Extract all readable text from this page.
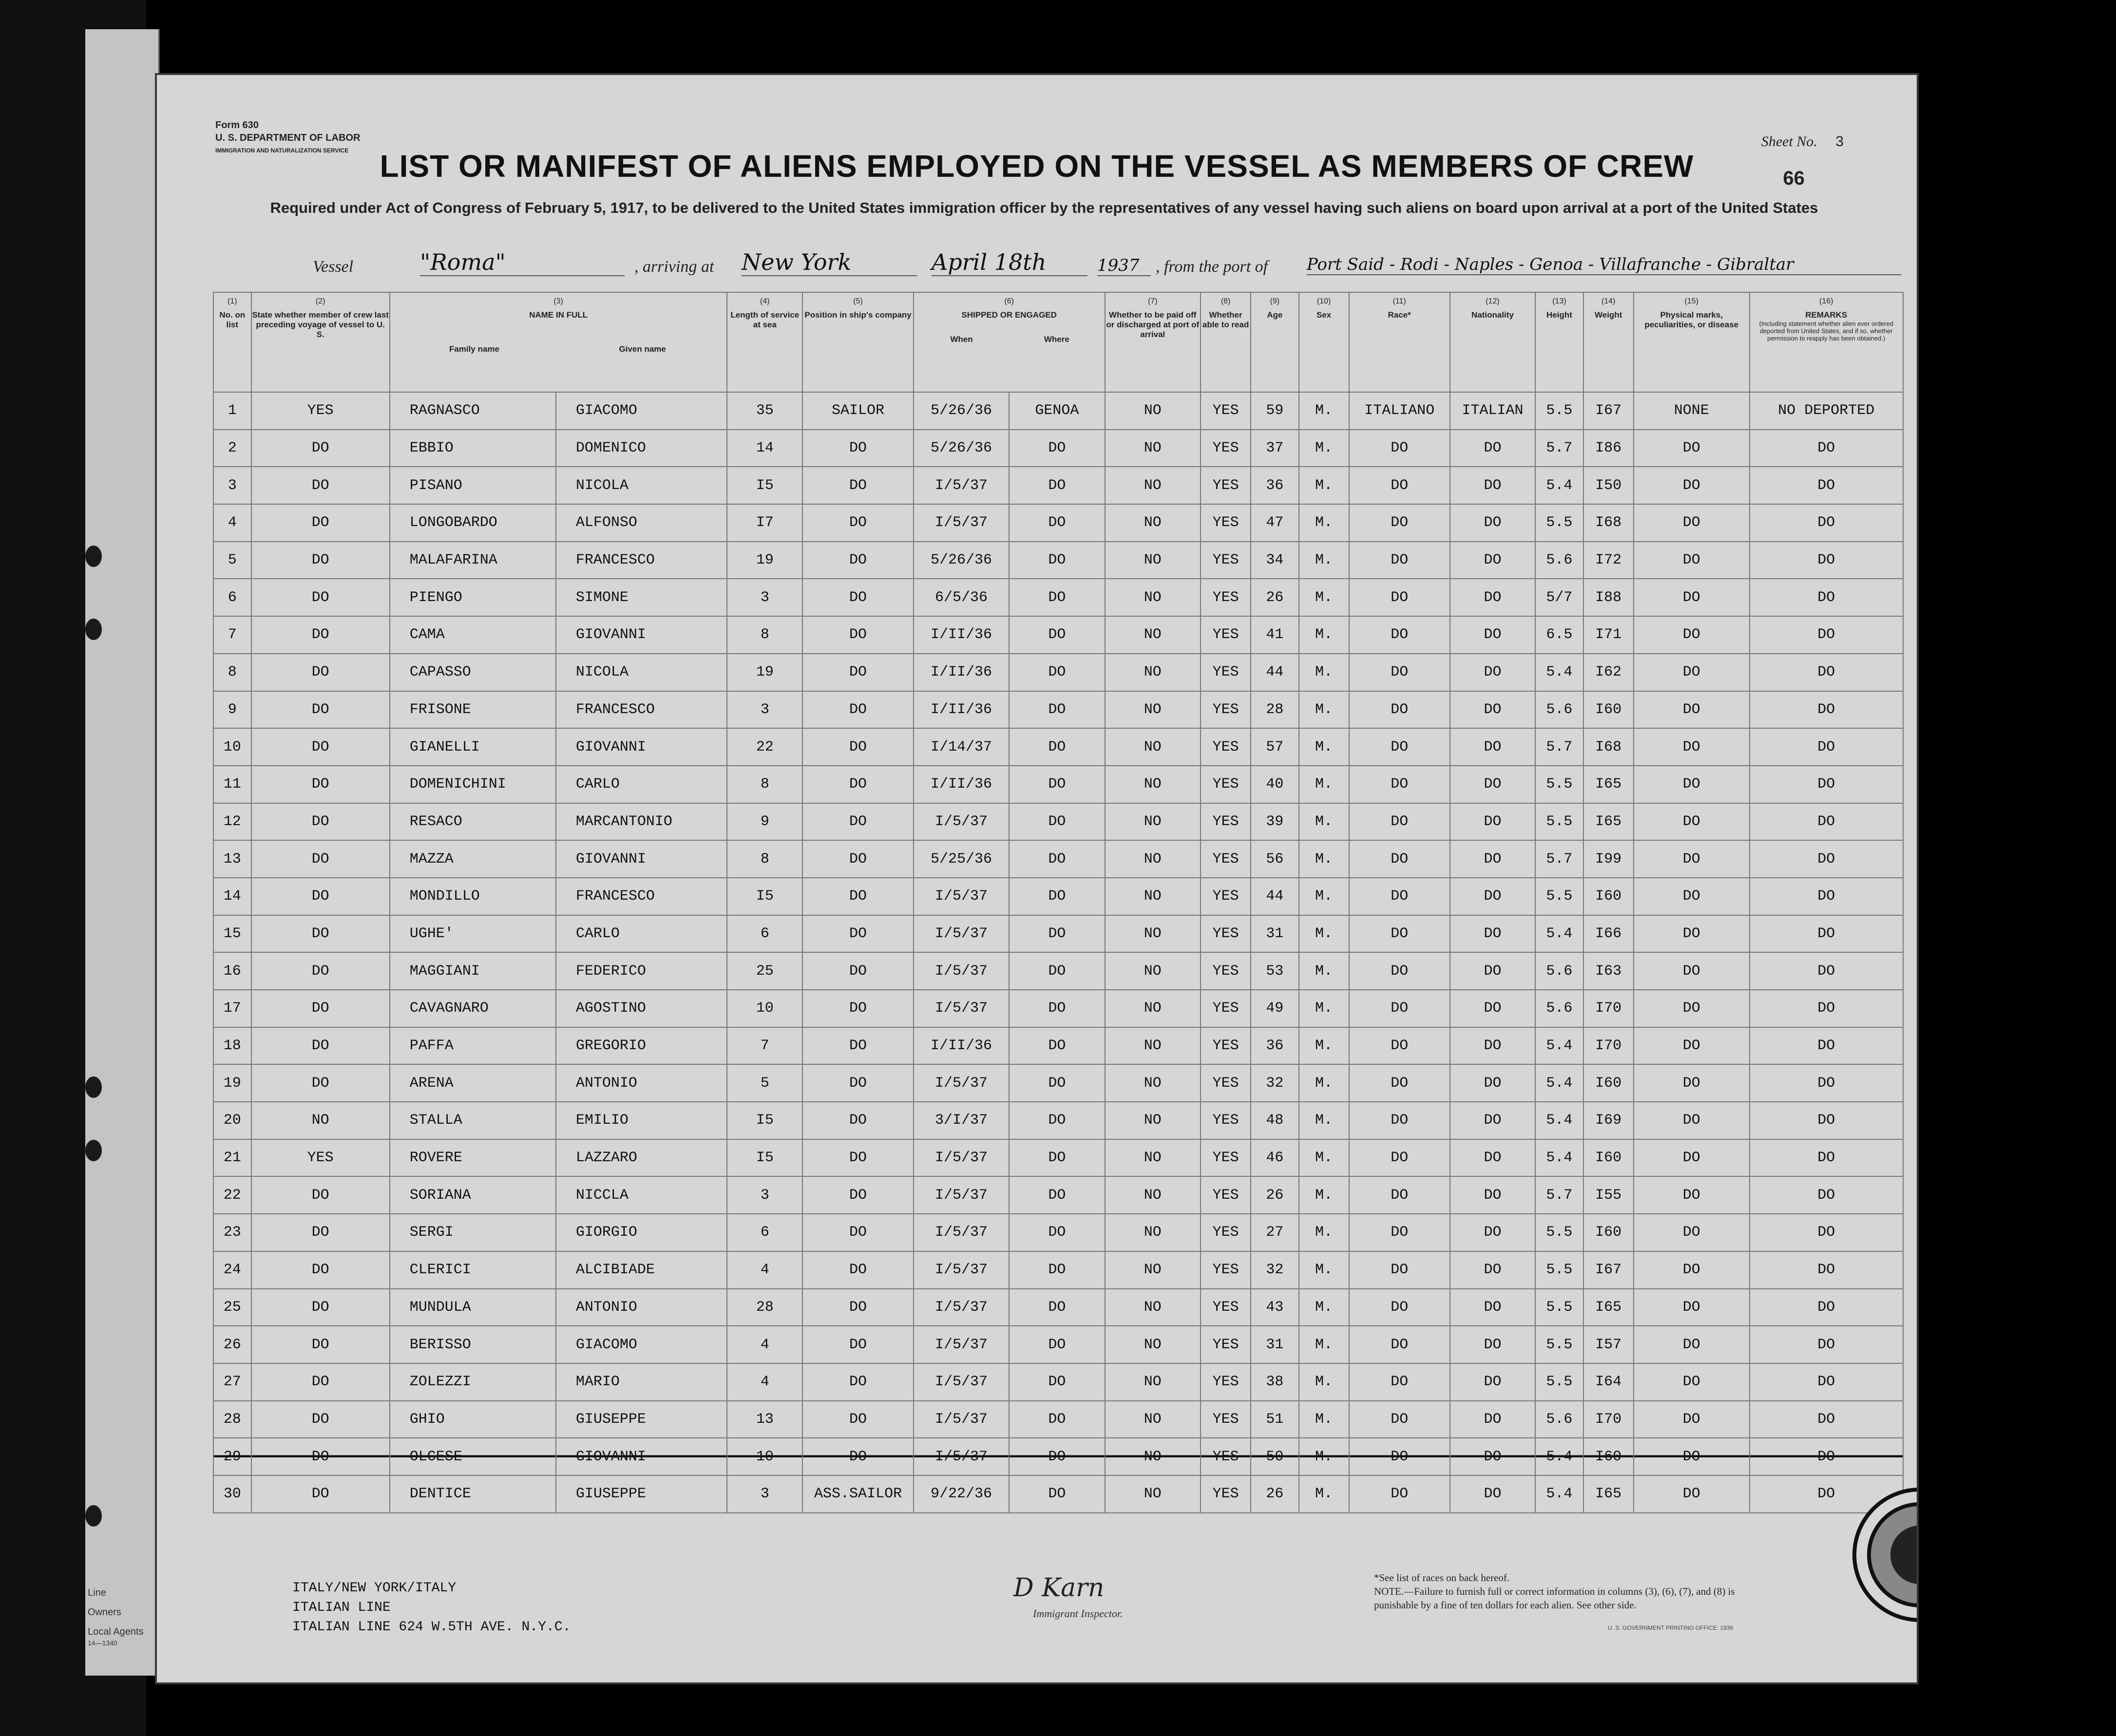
Form 630
U. S. DEPARTMENT OF LABOR
IMMIGRATION AND NATURALIZATION SERVICE
Sheet No. 3
66
LIST OR MANIFEST OF ALIENS EMPLOYED ON THE VESSEL AS MEMBERS OF CREW
Required under Act of Congress of February 5, 1917, to be delivered to the United States immigration officer by the representatives of any vessel having such aliens on board upon arrival at a port of the United States
Vessel	"Roma"	, arriving at New York	April 18th	1937 , from the port of Port Said - Rodi - Naples - Genoa - Villafranche - Gibraltar
(1)
No. on list	(2)
State whether member of crew last preceding voyage of vessel to U. S.	(3)
NAME IN FULL
Family name Given name		(4)
Length of service at sea	(5)
Position in ship's company	(6)
SHIPPED OR ENGAGED
When Where		(7)
Whether to be paid off or discharged at port of arrival	(8)
Whether able to read	(9)
Age	(10)
Sex	(11)
Race*	(12)
Nationality	(13)
Height	(14)
Weight	(15)
Physical marks, peculiarities, or disease	(16)
REMARKS
(Including statement whether alien ever ordered deported from United States, and if so, whether permission to reapply has been obtained.)

1	YES	RAGNASCO	GIACOMO	35	SAILOR	5/26/36	GENOA	NO	YES	59	M.	ITALIANO	ITALIAN	5.5	I67	NONE	NO DEPORTED
2	DO	EBBIO	DOMENICO	14	DO	5/26/36	DO	NO	YES	37	M.	DO	DO	5.7	I86	DO	DO
3	DO	PISANO	NICOLA	I5	DO	I/5/37	DO	NO	YES	36	M.	DO	DO	5.4	I50	DO	DO
4	DO	LONGOBARDO	ALFONSO	I7	DO	I/5/37	DO	NO	YES	47	M.	DO	DO	5.5	I68	DO	DO
5	DO	MALAFARINA	FRANCESCO	19	DO	5/26/36	DO	NO	YES	34	M.	DO	DO	5.6	I72	DO	DO
6	DO	PIENGO	SIMONE	3	DO	6/5/36	DO	NO	YES	26	M.	DO	DO	5/7	I88	DO	DO
7	DO	CAMA	GIOVANNI	8	DO	I/II/36	DO	NO	YES	41	M.	DO	DO	6.5	I71	DO	DO
8	DO	CAPASSO	NICOLA	19	DO	I/II/36	DO	NO	YES	44	M.	DO	DO	5.4	I62	DO	DO
9	DO	FRISONE	FRANCESCO	3	DO	I/II/36	DO	NO	YES	28	M.	DO	DO	5.6	I60	DO	DO
10	DO	GIANELLI	GIOVANNI	22	DO	I/14/37	DO	NO	YES	57	M.	DO	DO	5.7	I68	DO	DO
11	DO	DOMENICHINI	CARLO	8	DO	I/II/36	DO	NO	YES	40	M.	DO	DO	5.5	I65	DO	DO
12	DO	RESACO	MARCANTONIO	9	DO	I/5/37	DO	NO	YES	39	M.	DO	DO	5.5	I65	DO	DO
13	DO	MAZZA	GIOVANNI	8	DO	5/25/36	DO	NO	YES	56	M.	DO	DO	5.7	I99	DO	DO
14	DO	MONDILLO	FRANCESCO	I5	DO	I/5/37	DO	NO	YES	44	M.	DO	DO	5.5	I60	DO	DO
15	DO	UGHE'	CARLO	6	DO	I/5/37	DO	NO	YES	31	M.	DO	DO	5.4	I66	DO	DO
16	DO	MAGGIANI	FEDERICO	25	DO	I/5/37	DO	NO	YES	53	M.	DO	DO	5.6	I63	DO	DO
17	DO	CAVAGNARO	AGOSTINO	10	DO	I/5/37	DO	NO	YES	49	M.	DO	DO	5.6	I70	DO	DO
18	DO	PAFFA	GREGORIO	7	DO	I/II/36	DO	NO	YES	36	M.	DO	DO	5.4	I70	DO	DO
19	DO	ARENA	ANTONIO	5	DO	I/5/37	DO	NO	YES	32	M.	DO	DO	5.4	I60	DO	DO
20	NO	STALLA	EMILIO	I5	DO	3/I/37	DO	NO	YES	48	M.	DO	DO	5.4	I69	DO	DO
21	YES	ROVERE	LAZZARO	I5	DO	I/5/37	DO	NO	YES	46	M.	DO	DO	5.4	I60	DO	DO
22	DO	SORIANA	NICCLA	3	DO	I/5/37	DO	NO	YES	26	M.	DO	DO	5.7	I55	DO	DO
23	DO	SERGI	GIORGIO	6	DO	I/5/37	DO	NO	YES	27	M.	DO	DO	5.5	I60	DO	DO
24	DO	CLERICI	ALCIBIADE	4	DO	I/5/37	DO	NO	YES	32	M.	DO	DO	5.5	I67	DO	DO
25	DO	MUNDULA	ANTONIO	28	DO	I/5/37	DO	NO	YES	43	M.	DO	DO	5.5	I65	DO	DO
26	DO	BERISSO	GIACOMO	4	DO	I/5/37	DO	NO	YES	31	M.	DO	DO	5.5	I57	DO	DO
27	DO	ZOLEZZI	MARIO	4	DO	I/5/37	DO	NO	YES	38	M.	DO	DO	5.5	I64	DO	DO
28	DO	GHIO	GIUSEPPE	13	DO	I/5/37	DO	NO	YES	51	M.	DO	DO	5.6	I70	DO	DO
29	DO	OLCESE	GIOVANNI	10	DO	I/5/37	DO	NO	YES	50	M.	DO	DO	5.4	I60	DO	DO
30	DO	DENTICE	GIUSEPPE	3	ASS.SAILOR	9/22/36	DO	NO	YES	26	M.	DO	DO	5.4	I65	DO	DO
Line	ITALY/NEW YORK/ITALY
Owners	ITALIAN LINE
Local Agents	ITALIAN LINE 624 W.5TH AVE. N.Y.C.
14—1340
D Karn
Immigrant Inspector.
*See list of races on back hereof.
NOTE.—Failure to furnish full or correct information in columns (3), (6), (7), and (8) is punishable by a fine of ten dollars for each alien. See other side.
U. S. GOVERNMENT PRINTING OFFICE: 1936
